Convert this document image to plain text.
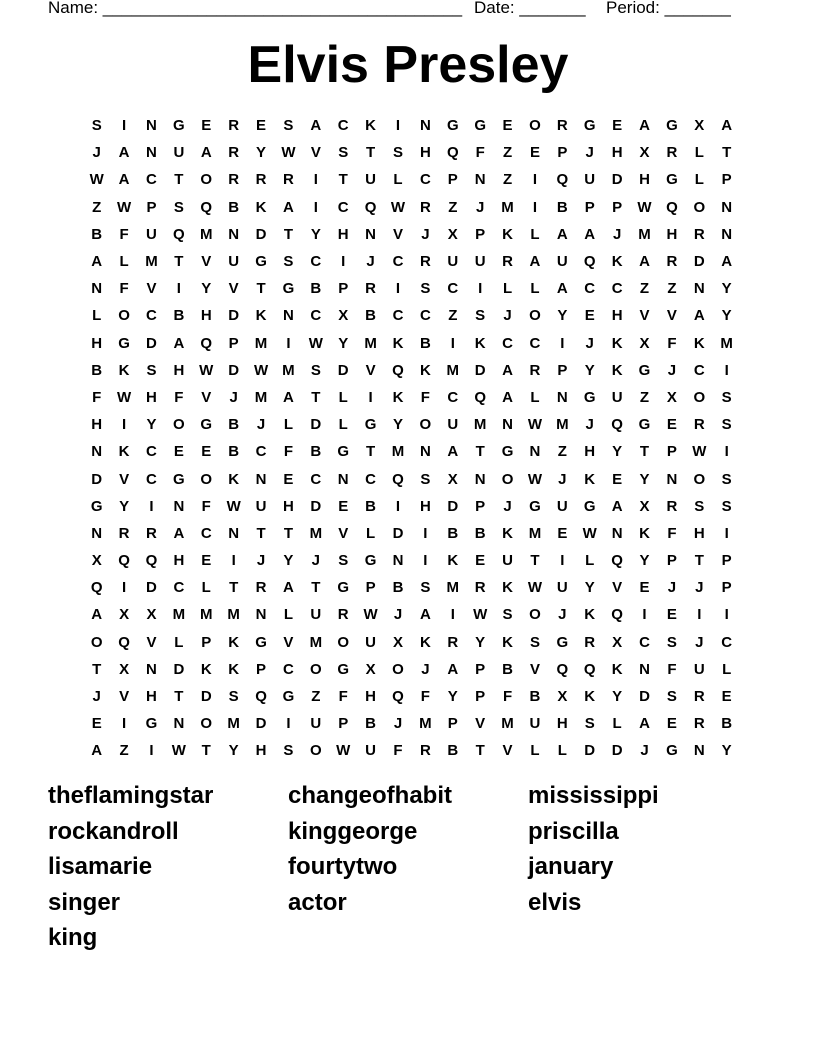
Name: ______________________________________ Date: _______ Period: _______
Elvis Presley
S	I	N	G	E	R	E	S	A	C	K	I	N	G	G	E	O	R	G	E	A	G	X	A
J	A	N	U	A	R	Y	W	V	S	T	S	H	Q	F	Z	E	P	J	H	X	R	L	T
W A	C	T	O	R	R	R	I	T	U	L	C	P	N	Z	I	Q	U	D	H	G	L	P
Z	W	P	S	Q	B	K	A	I	C	Q W R	Z	J	M	I	B	P	P	W Q	O	N
B	F	U	Q	M	N	D	T	Y	H	N	V	J	X	P	K	L	A	A	J	M	H	R	N
A	L	M	T	V	U	G	S	C	I	J	C	R	U	U	R	A	U	Q	K	A	R	D	A
N	F	V	I	Y	V	T	G	B	P	R	I	S	C	I	L	L	A	C	C	Z	Z	N	Y
L	O	C	B	H	D	K	N	C	X	B	C	C	Z	S	J	O	Y	E	H	V	V	A	Y
H	G	D	A	Q	P	M	I	W	Y	M	K	B	I	K	C	C	I	J	K	X	F	K	M
B	K	S	H W D W M	S	D	V	Q	K	M	D	A	R	P	Y	K	G	J	C	I
F	W H	F	V	J	M	A	T	L	I	K	F	C	Q	A	L	N	G	U	Z	X	O	S
H	I	Y	O	G	B	J	L	D	L	G	Y	O	U	M	N W M	J	Q	G	E	R	S
N	K	C	E	E	B	C	F	B	G	T	M	N	A	T	G	N	Z	H	Y	T	P	W	I
D	V	C	G	O	K	N	E	C	N	C	Q	S	X	N	O W	J	K	E	Y	N	O	S
G	Y	I	N	F	W U	H	D	E	B	I	H	D	P	J	G	U	G	A	X	R	S	S
N	R	R	A	C	N	T	T	M	V	L	D	I	B	B	K	M	E	W N	K	F	H	I
X	Q	Q	H	E	I	J	Y	J	S	G	N	I	K	E	U	T	I	L	Q	Y	P	T	P
Q	I	D	C	L	T	R	A	T	G	P	B	S	M	R	K W U	Y	V	E	J	J	P
A	X	X	M M M	N	L	U	R W	J	A	I	W	S	O	J	K	Q	I	E	I	I
O	Q	V	L	P	K	G	V	M	O	U	X	K	R	Y	K	S	G	R	X	C	S	J	C
T	X	N	D	K	K	P	C	O	G	X	O	J	A	P	B	V	Q	Q	K	N	F	U	L
J	V	H	T	D	S	Q	G	Z	F	H	Q	F	Y	P	F	B	X	K	Y	D	S	R	E
E	I	G	N	O	M	D	I	U	P	B	J	M	P	V	M	U	H	S	L	A	E	R	B
A	Z	I	W	T	Y	H	S	O W U	F	R	B	T	V	L	L	D	D	J	G	N	Y
theflamingstar	changeofhabit	mississippi
rockandroll	kinggeorge	priscilla
lisamarie	fourtytwo	january
singer	actor	elvis
king
